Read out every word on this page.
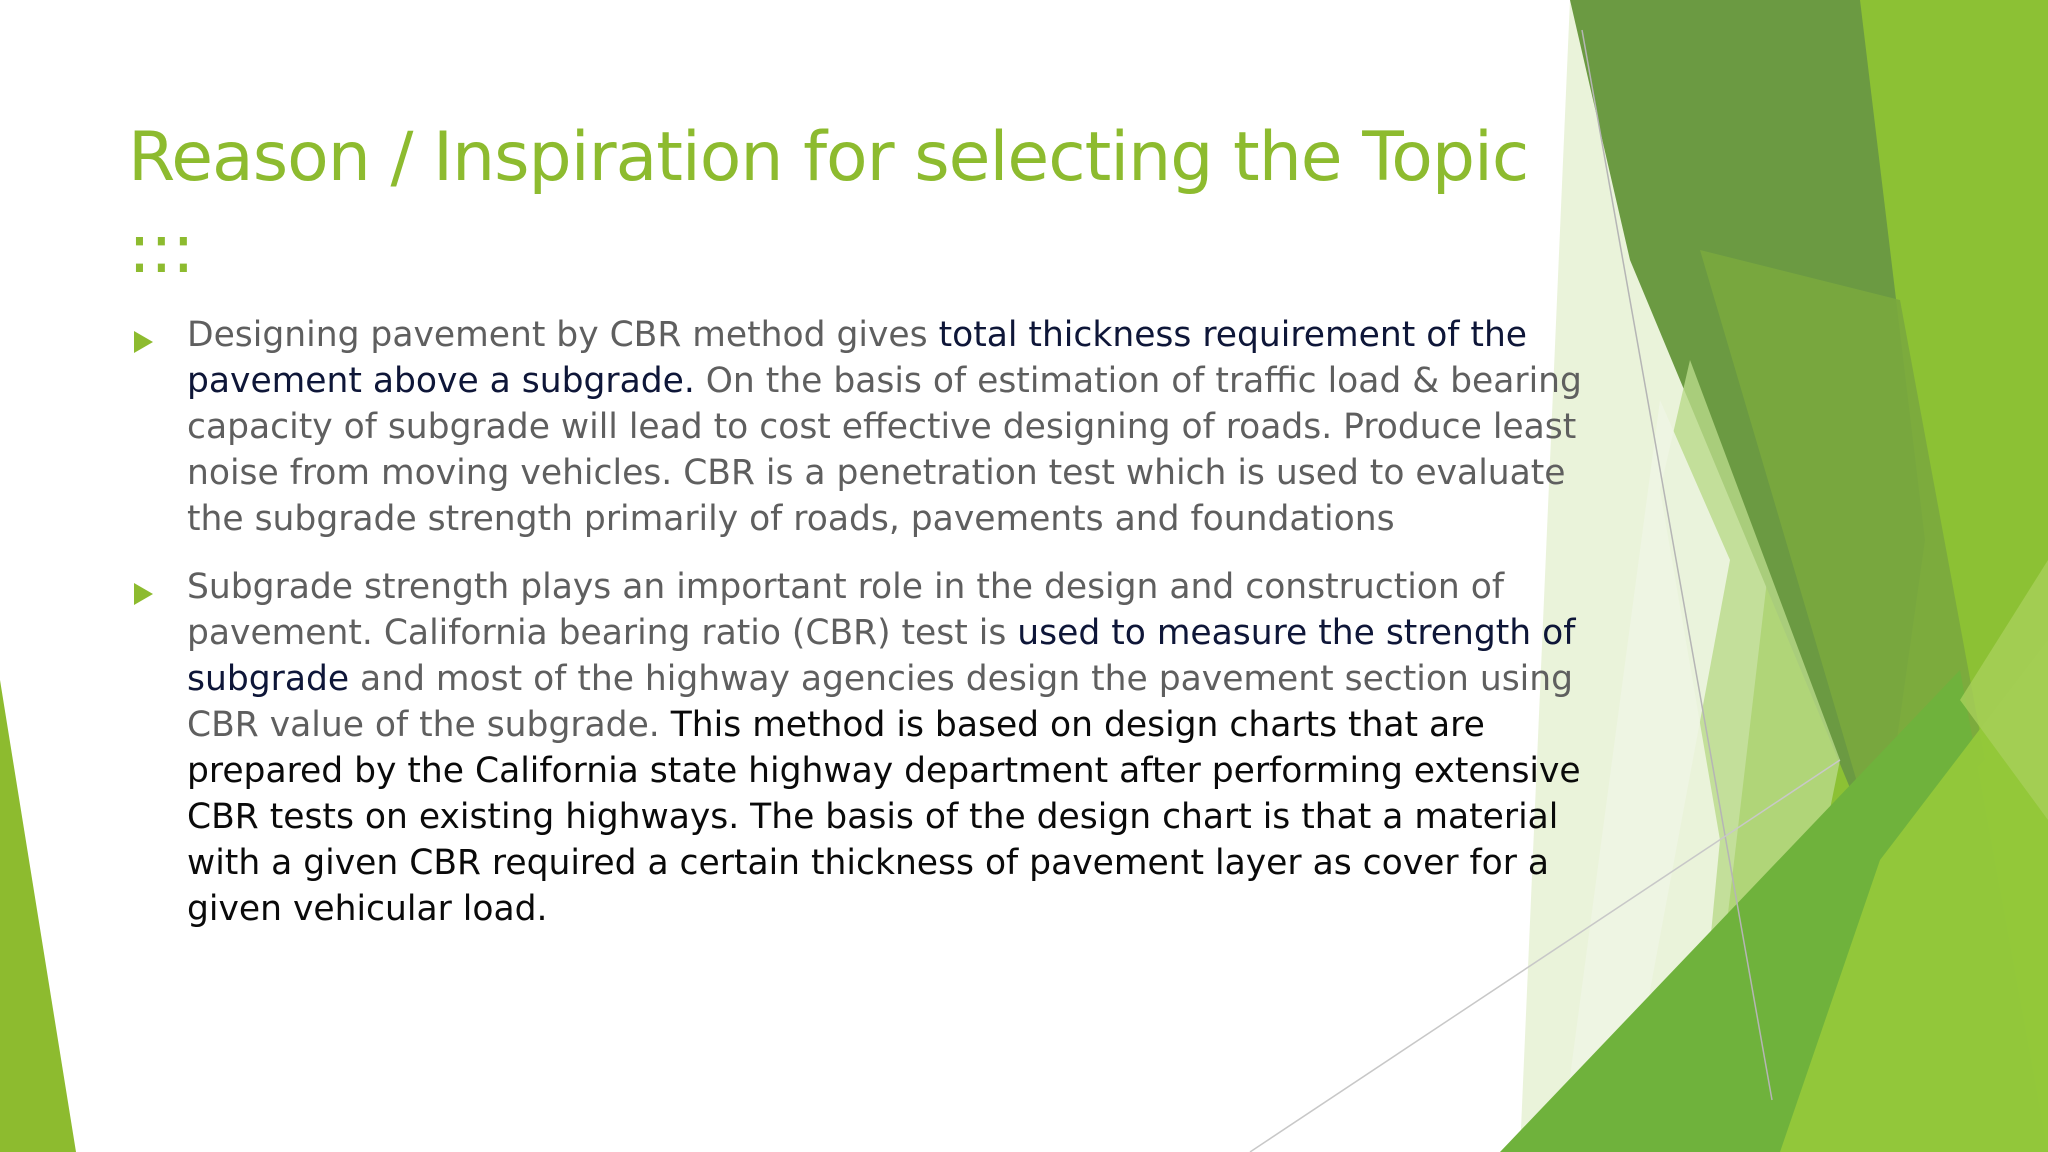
Reason / Inspiration for selecting the Topic :::
Designing pavement by CBR method gives total thickness requirement of the pavement above a subgrade. On the basis of estimation of traffic load & bearing capacity of subgrade will lead to cost effective designing of roads. Produce least noise from moving vehicles. CBR is a penetration test which is used to evaluate the subgrade strength primarily of roads, pavements and foundations
Subgrade strength plays an important role in the design and construction of pavement. California bearing ratio (CBR) test is used to measure the strength of subgrade and most of the highway agencies design the pavement section using CBR value of the subgrade. This method is based on design charts that are prepared by the California state highway department after performing extensive CBR tests on existing highways. The basis of the design chart is that a material with a given CBR required a certain thickness of pavement layer as cover for a given vehicular load.
